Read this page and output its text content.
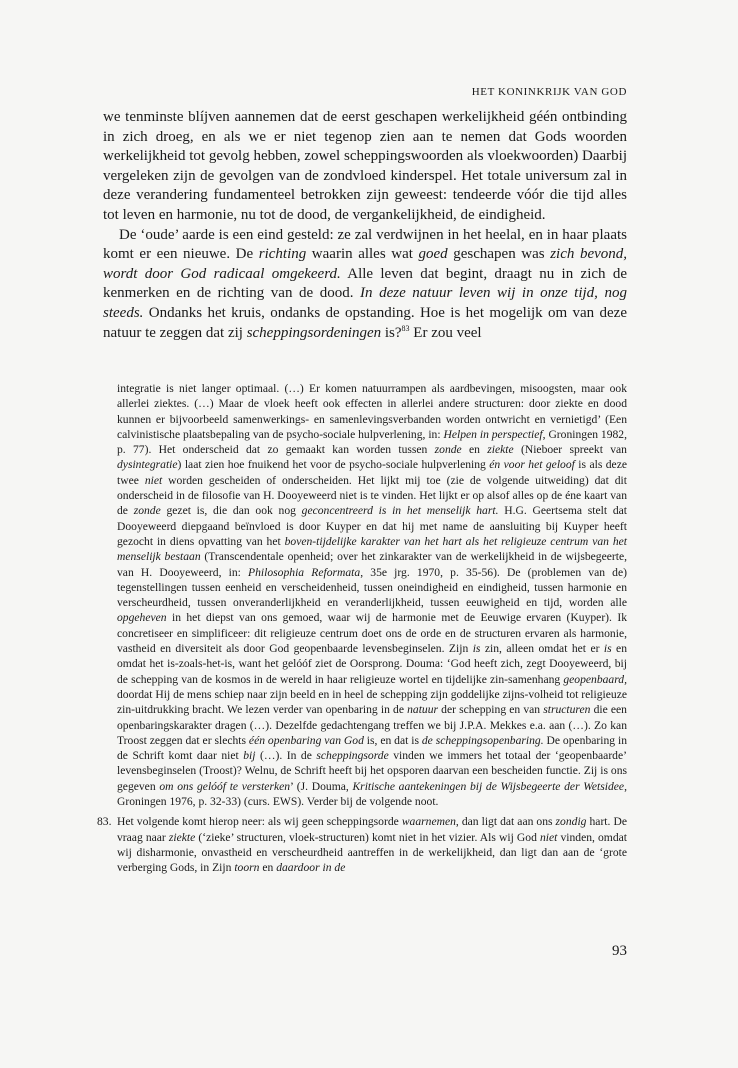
HET KONINKRIJK VAN GOD

we tenminste blíjven aannemen dat de eerst geschapen werkelijkheid géén ontbinding in zich droeg, en als we er niet tegenop zien aan te nemen dat Gods woorden werkelijkheid tot gevolg hebben, zowel scheppingswoorden als vloekwoorden) Daarbij vergeleken zijn de gevolgen van de zondvloed kinderspel. Het totale universum zal in deze verandering fundamenteel betrokken zijn geweest: tendeerde vóór die tijd alles tot leven en harmonie, nu tot de dood, de vergankelijkheid, de eindigheid.

De ‘oude’ aarde is een eind gesteld: ze zal verdwijnen in het heelal, en in haar plaats komt er een nieuwe. De richting waarin alles wat goed geschapen was zich bevond, wordt door God radicaal omgekeerd. Alle leven dat begint, draagt nu in zich de kenmerken en de richting van de dood. In deze natuur leven wij in onze tijd, nog steeds. Ondanks het kruis, ondanks de opstanding. Hoe is het mogelijk om van deze natuur te zeggen dat zij scheppingsordeningen is?$^{83}$ Er zou veel

integratie is niet langer optimaal. (…) Er komen natuurrampen als aardbevingen, misoogsten, maar ook allerlei ziektes. (…) Maar de vloek heeft ook effecten in allerlei andere structuren: door ziekte en dood kunnen er bijvoorbeeld samenwerkings- en samenlevingsverbanden worden ontwricht en vernietigd’ (Een calvinistische plaatsbepaling van de psycho-sociale hulpverlening, in: Helpen in perspectief, Groningen 1982, p. 77). Het onderscheid dat zo gemaakt kan worden tussen zonde en ziekte (Nieboer spreekt van dysintegratie) laat zien hoe fnuikend het voor de psycho-sociale hulpverlening én voor het geloof is als deze twee niet worden gescheiden of onderscheiden. Het lijkt mij toe (zie de volgende uitweiding) dat dit onderscheid in de filosofie van H. Dooyeweerd niet is te vinden. Het lijkt er op alsof alles op de éne kaart van de zonde gezet is, die dan ook nog geconcentreerd is in het menselijk hart. H.G. Geertsema stelt dat Dooyeweerd diepgaand beïnvloed is door Kuyper en dat hij met name de aansluiting bij Kuyper heeft gezocht in diens opvatting van het boven-tijdelijke karakter van het hart als het religieuze centrum van het menselijk bestaan (Transcendentale openheid; over het zinkarakter van de werkelijkheid in de wijsbegeerte, van H. Dooyeweerd, in: Philosophia Reformata, 35e jrg. 1970, p. 35-56). De (problemen van de) tegenstellingen tussen eenheid en verscheidenheid, tussen oneindigheid en eindigheid, tussen harmonie en verscheurdheid, tussen onveranderlijkheid en veranderlijkheid, tussen eeuwigheid en tijd, worden alle opgeheven in het diepst van ons gemoed, waar wij de harmonie met de Eeuwige ervaren (Kuyper). Ik concretiseer en simplificeer: dit religieuze centrum doet ons de orde en de structuren ervaren als harmonie, vastheid en diversiteit als door God geopenbaarde levensbeginselen. Zijn is zin, alleen omdat het er is en omdat het is-zoals-het-is, want het gelóóf ziet de Oorsprong. Douma: ‘God heeft zich, zegt Dooyeweerd, bij de schepping van de kosmos in de wereld in haar religieuze wortel en tijdelijke zin-samenhang geopenbaard, doordat Hij de mens schiep naar zijn beeld en in heel de schepping zijn goddelijke zijns-volheid tot religieuze zin-uitdrukking bracht. We lezen verder van openbaring in de natuur der schepping en van structuren die een openbaringskarakter dragen (…). Dezelfde gedachtengang treffen we bij J.P.A. Mekkes e.a. aan (…). Zo kan Troost zeggen dat er slechts één openbaring van God is, en dat is de scheppingsopenbaring. De openbaring in de Schrift komt daar niet bij (…). In de scheppingsorde vinden we immers het totaal der ‘geopenbaarde’ levensbeginselen (Troost)? Welnu, de Schrift heeft bij het opsporen daarvan een bescheiden functie. Zij is ons gegeven om ons gelóóf te versterken’ (J. Douma, Kritische aantekeningen bij de Wijsbegeerte der Wetsidee, Groningen 1976, p. 32-33) (curs. EWS). Verder bij de volgende noot.

83. Het volgende komt hierop neer: als wij geen scheppingsorde waarnemen, dan ligt dat aan ons zondig hart. De vraag naar ziekte (‘zieke’ structuren, vloek-structuren) komt niet in het vizier. Als wij God niet vinden, omdat wij disharmonie, onvastheid en verscheurdheid aantreffen in de werkelijkheid, dan ligt dan aan de ‘grote verberging Gods, in Zijn toorn en daardoor in de

93
